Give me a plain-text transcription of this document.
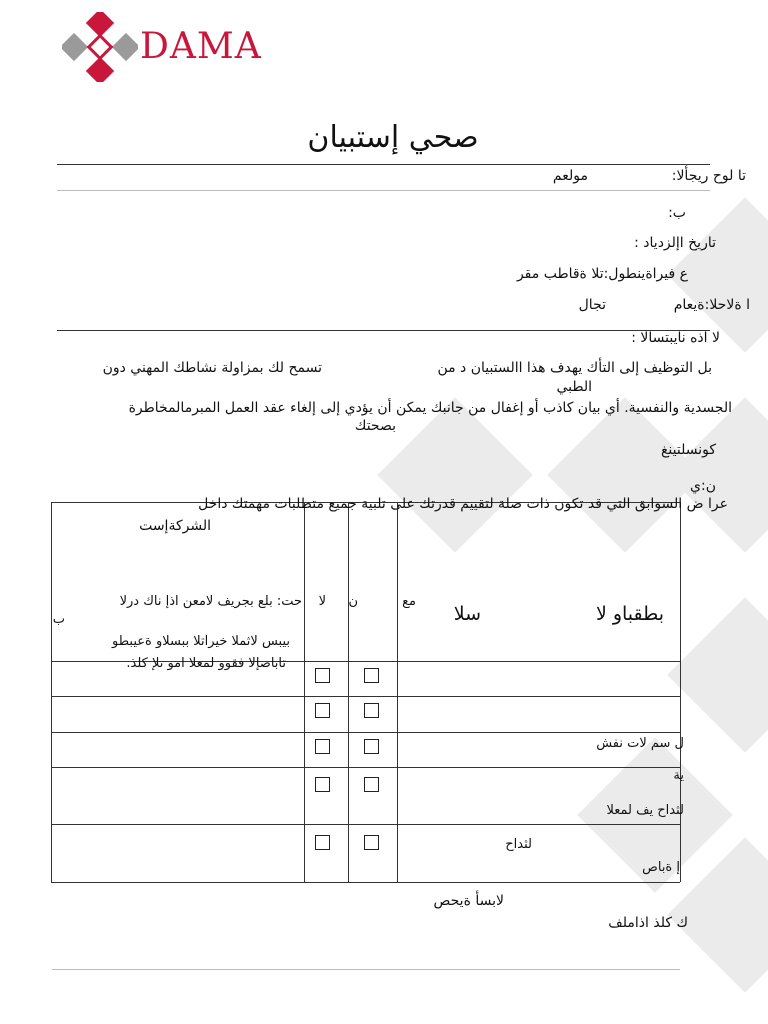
DAMA
صحي إستبيان
تا لوح ريجألا:
مولعم
ب:
تاريخ اإلزدياد :
ع فيراةينطول:تلا ةقاطب مقر
ا ةلاحلا:ةيعام
تجال
لا اذه نايبتسالا :
بل التوظيف إلى التأك يهدف هذا االستبيان د من
تسمح لك بمزاولة نشاطك المهني دون
الطبي
الجسدية والنفسية. أي بيان كاذب أو إغفال من جانبك يمكن أن يؤدي إلى إلغاء عقد العمل المبرمالمخاطرة
بصحتك
كونسلتينغ
ن:ي
عرا ض السوابق التي قد تكون ذات صلة لتقييم قدرتك على تلبية جميع متطلبات مهمتك داخل
الشركةإست
بطقباو لا
سلا
مع
ن
لا
حت: بلع بجريف لامعن اذإ ناك درلا
ب
بيبس لاثملا خيراتلا ببسلاو ةعيبطو
تاباصإلا فقوو لمعلا امو ىلإ كلذ.
ل سم لات نفش
ية
لثداح يف لمعلا
لثداح
إ ةباص
لابسأ ةيحص
ك كلذ اذاملف
